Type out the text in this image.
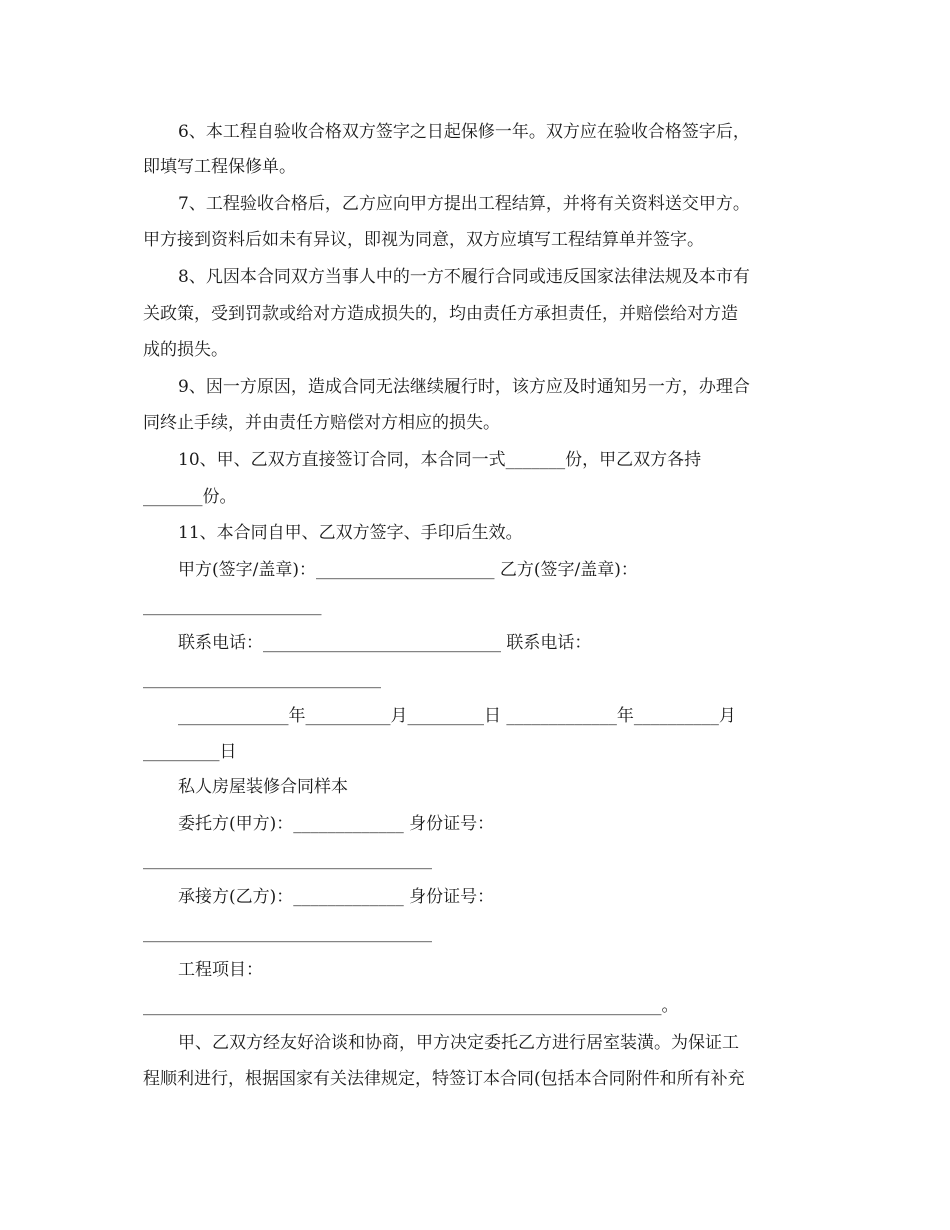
6、本工程自验收合格双方签字之日起保修一年。双方应在验收合格签字后，
即填写工程保修单。
7、工程验收合格后，乙方应向甲方提出工程结算，并将有关资料送交甲方。
甲方接到资料后如未有异议，即视为同意，双方应填写工程结算单并签字。
8、凡因本合同双方当事人中的一方不履行合同或违反国家法律法规及本市有
关政策，受到罚款或给对方造成损失的，均由责任方承担责任，并赔偿给对方造
成的损失。
9、因一方原因，造成合同无法继续履行时，该方应及时通知另一方，办理合
同终止手续，并由责任方赔偿对方相应的损失。
10、甲、乙双方直接签订合同，本合同一式_______份，甲乙双方各持
_______份。
11、本合同自甲、乙双方签字、手印后生效。
甲方(签字/盖章)：_____________________ 乙方(签字/盖章)：
_____________________
联系电话：____________________________ 联系电话：
____________________________
_____________年__________月_________日 _____________年__________月
_________日
私人房屋装修合同样本
委托方(甲方)：_____________ 身份证号：
__________________________________
承接方(乙方)：_____________ 身份证号：
__________________________________
工程项目：
_____________________________________________________________。
甲、乙双方经友好洽谈和协商，甲方决定委托乙方进行居室装潢。为保证工
程顺利进行，根据国家有关法律规定，特签订本合同(包括本合同附件和所有补充
